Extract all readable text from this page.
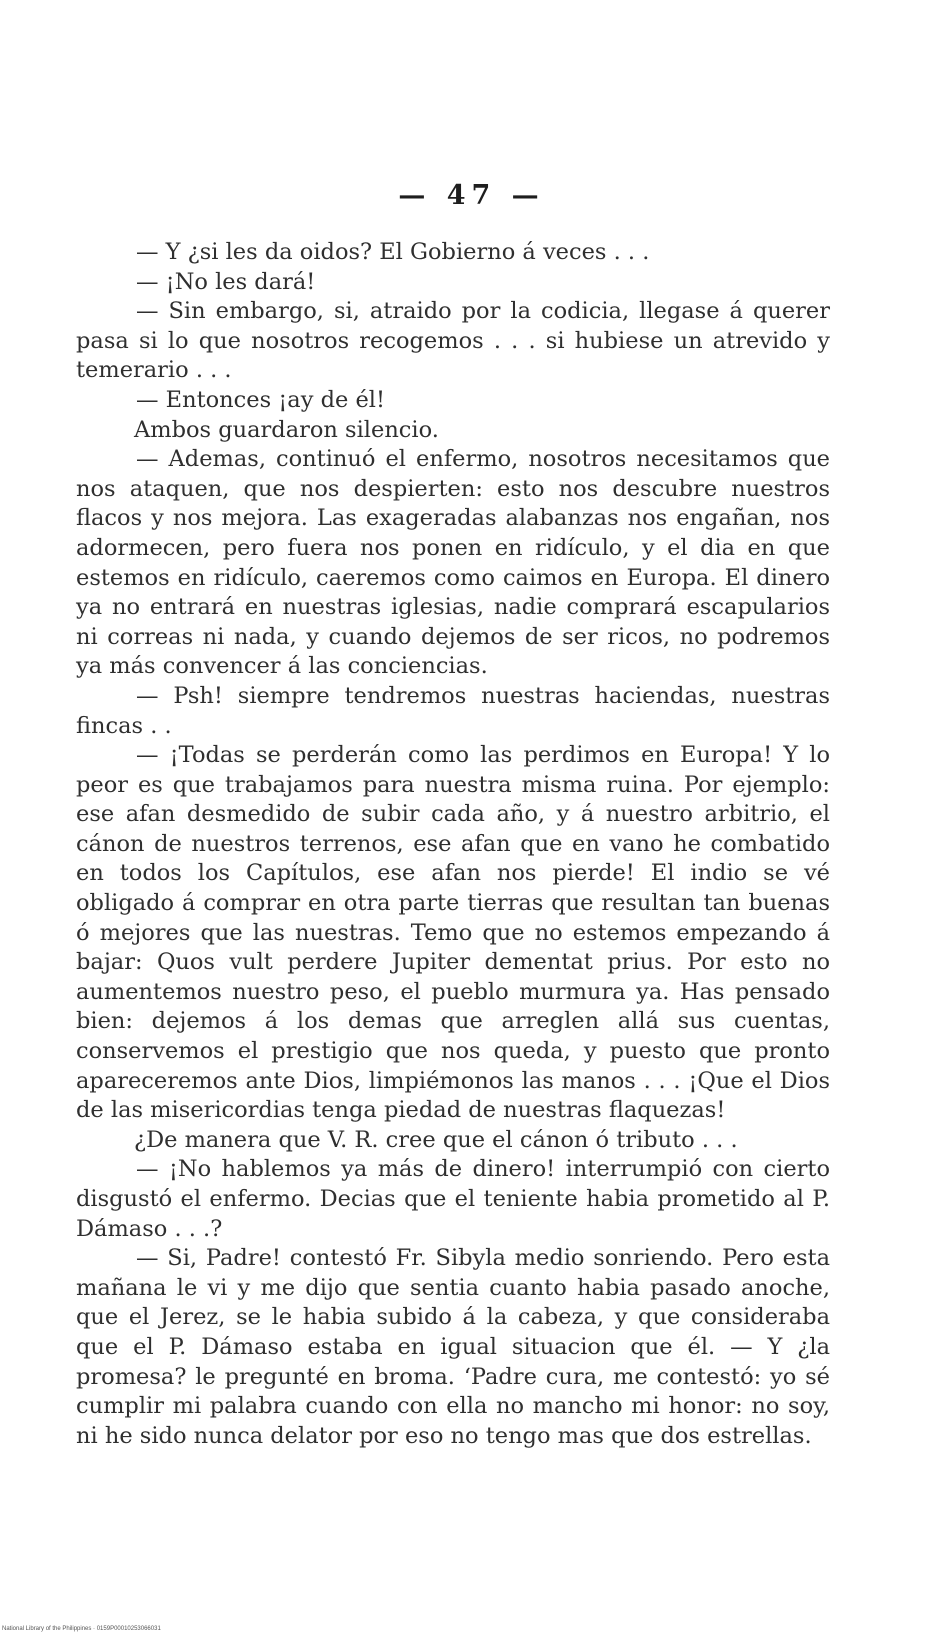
— 47 —

— Y ¿si les da oidos? El Gobierno á veces . . .

— ¡No les dará!

— Sin embargo, si, atraido por la codicia, llegase á querer pasa si lo que nosotros recogemos . . . si hubiese un atrevido y temerario . . .

— Entonces ¡ay de él!

Ambos guardaron silencio.

— Ademas, continuó el enfermo, nosotros necesitamos que nos ataquen, que nos despierten: esto nos descubre nuestros flacos y nos mejora. Las exageradas alabanzas nos engañan, nos adormecen, pero fuera nos ponen en ridículo, y el dia en que estemos en ridículo, caeremos como caimos en Europa. El dinero ya no entrará en nuestras iglesias, nadie comprará escapularios ni correas ni nada, y cuando dejemos de ser ricos, no podremos ya más convencer á las conciencias.

— Psh! siempre tendremos nuestras haciendas, nuestras fincas . .

— ¡Todas se perderán como las perdimos en Europa! Y lo peor es que trabajamos para nuestra misma ruina. Por ejemplo: ese afan desmedido de subir cada año, y á nuestro arbitrio, el cánon de nuestros terrenos, ese afan que en vano he combatido en todos los Capítulos, ese afan nos pierde! El indio se vé obligado á comprar en otra parte tierras que resultan tan buenas ó mejores que las nuestras. Temo que no estemos empezando á bajar: Quos vult perdere Jupiter dementat prius. Por esto no aumentemos nuestro peso, el pueblo murmura ya. Has pensado bien: dejemos á los demas que arreglen allá sus cuentas, conservemos el prestigio que nos queda, y puesto que pronto apareceremos ante Dios, limpiémonos las manos . . . ¡Que el Dios de las misericordias tenga piedad de nuestras flaquezas!

¿De manera que V. R. cree que el cánon ó tributo . . .

— ¡No hablemos ya más de dinero! interrumpió con cierto disgustó el enfermo. Decias que el teniente habia prometido al P. Dámaso . . .?

— Si, Padre! contestó Fr. Sibyla medio sonriendo. Pero esta mañana le vi y me dijo que sentia cuanto habia pasado anoche, que el Jerez, se le habia subido á la cabeza, y que consideraba que el P. Dámaso estaba en igual situacion que él. — Y ¿la promesa? le pregunté en broma. ‘Padre cura, me contestó: yo sé cumplir mi palabra cuando con ella no mancho mi honor: no soy, ni he sido nunca delator por eso no tengo mas que dos estrellas.

National Library of the Philippines · 0159P00010253066031
